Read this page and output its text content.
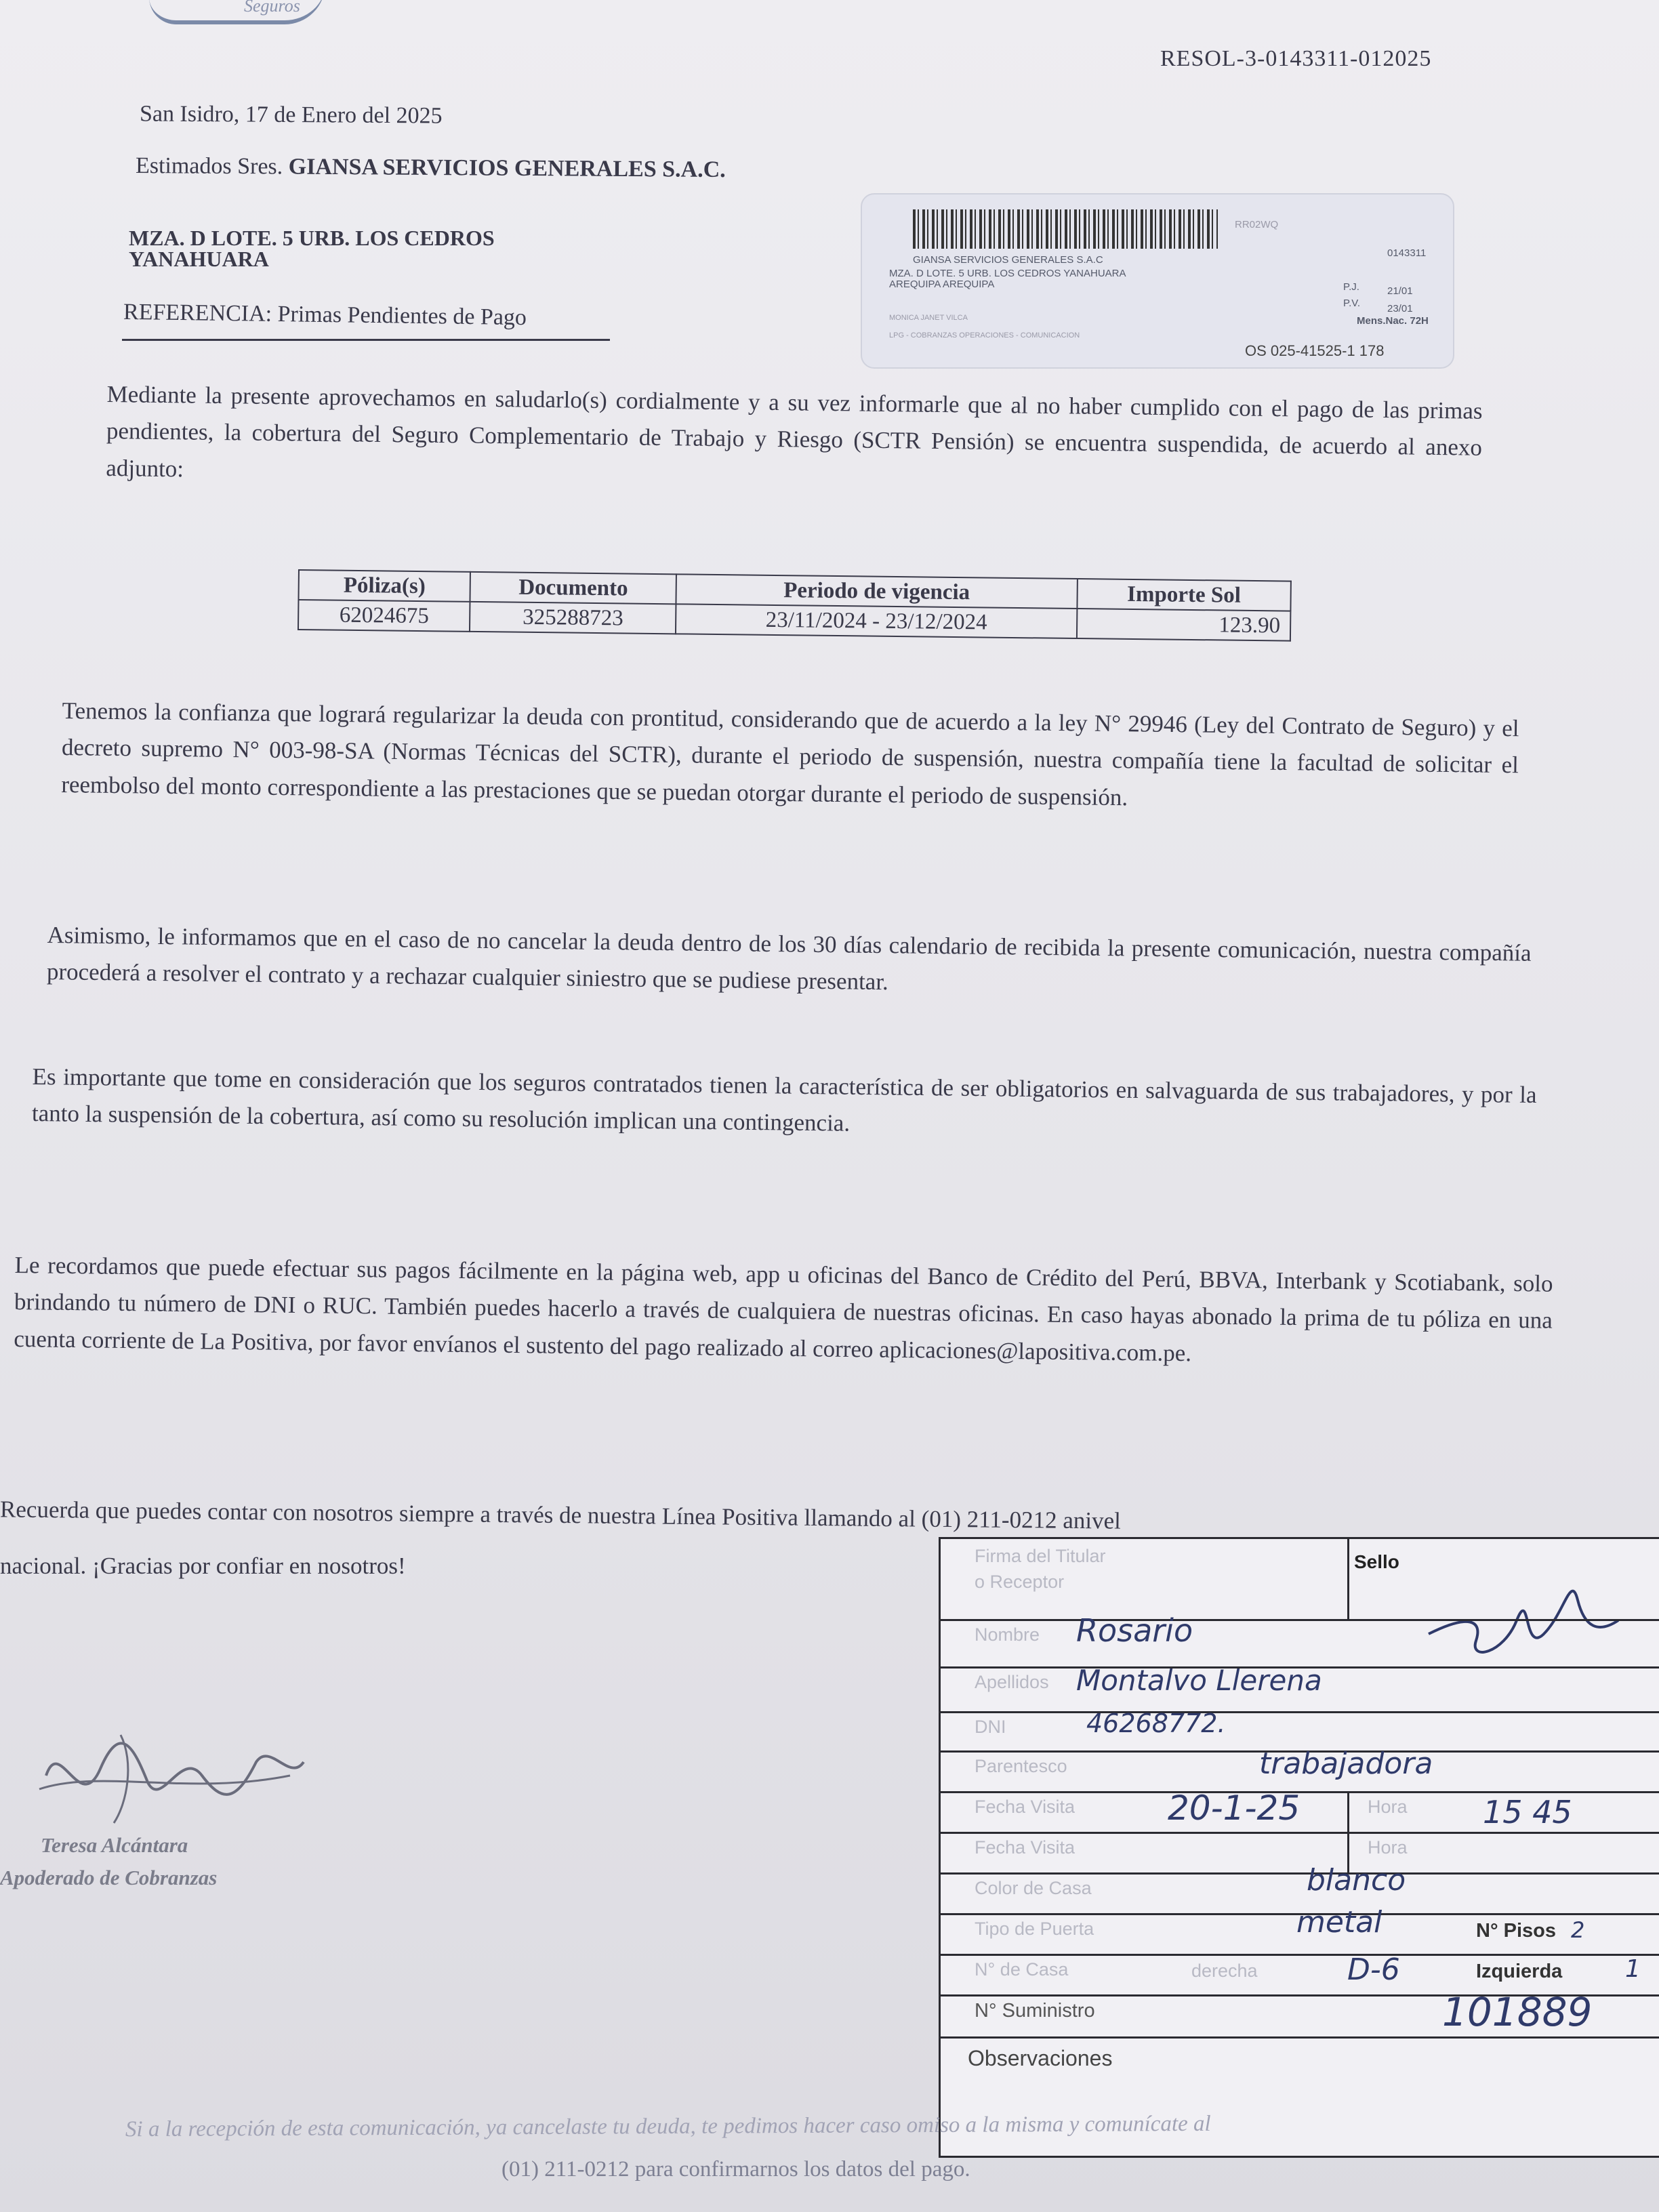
Seguros
RESOL-3-0143311-012025
San Isidro, 17 de Enero del 2025
Estimados Sres. GIANSA SERVICIOS GENERALES S.A.C.
MZA. D LOTE. 5 URB. LOS CEDROS
YANAHUARA
REFERENCIA: Primas Pendientes de Pago
RR02WQ
GIANSA SERVICIOS GENERALES S.A.C
0143311
MZA. D LOTE. 5 URB. LOS CEDROS YANAHUARA
AREQUIPA AREQUIPA	P.J.	21/01
P.V.	23/01
Mens.Nac. 72H
MONICA JANET VILCA
LPG - COBRANZAS OPERACIONES - COMUNICACION
OS 025-41525-1 178
Mediante la presente aprovechamos en saludarlo(s) cordialmente y a su vez informarle que al no haber cumplido con el pago de las primas pendientes, la cobertura del Seguro Complementario de Trabajo y Riesgo (SCTR Pensión) se encuentra suspendida, de acuerdo al anexo adjunto:
Póliza(s)	Documento	Periodo de vigencia	Importe Sol
62024675	325288723	23/11/2024 - 23/12/2024	123.90
Tenemos la confianza que logrará regularizar la deuda con prontitud, considerando que de acuerdo a la ley N° 29946 (Ley del Contrato de Seguro) y el decreto supremo N° 003-98-SA (Normas Técnicas del SCTR), durante el periodo de suspensión, nuestra compañía tiene la facultad de solicitar el reembolso del monto correspondiente a las prestaciones que se puedan otorgar durante el periodo de suspensión.
Asimismo, le informamos que en el caso de no cancelar la deuda dentro de los 30 días calendario de recibida la presente comunicación, nuestra compañía procederá a resolver el contrato y a rechazar cualquier siniestro que se pudiese presentar.
Es importante que tome en consideración que los seguros contratados tienen la característica de ser obligatorios en salvaguarda de sus trabajadores, y por la tanto la suspensión de la cobertura, así como su resolución implican una contingencia.
Le recordamos que puede efectuar sus pagos fácilmente en la página web, app u oficinas del Banco de Crédito del Perú, BBVA, Interbank y Scotiabank, solo brindando tu número de DNI o RUC. También puedes hacerlo a través de cualquiera de nuestras oficinas. En caso hayas abonado la prima de tu póliza en una cuenta corriente de La Positiva, por favor envíanos el sustento del pago realizado al correo aplicaciones@lapositiva.com.pe.
Recuerda que puedes contar con nosotros siempre a través de nuestra Línea Positiva llamando al (01) 211-0212 anivel
nacional. ¡Gracias por confiar en nosotros!
Teresa Alcántara
Apoderado de Cobranzas
Firma del Titular
o Receptor
Sello
Nombre Rosario
Apellidos Montalvo Llerena
DNI	46268772.
Parentesco	trabajadora
Fecha Visita	20-1-25	Hora 15 45
Fecha Visita	Hora
Color de Casa	blanco
Tipo de Puerta	metal	N° Pisos 2
N° de Casa	derecha	D-6	Izquierda	1
N° Suministro	101889
Observaciones
Si a la recepción de esta comunicación, ya cancelaste tu deuda, te pedimos hacer caso omiso a la misma y comunícate al
(01) 211-0212 para confirmarnos los datos del pago.
